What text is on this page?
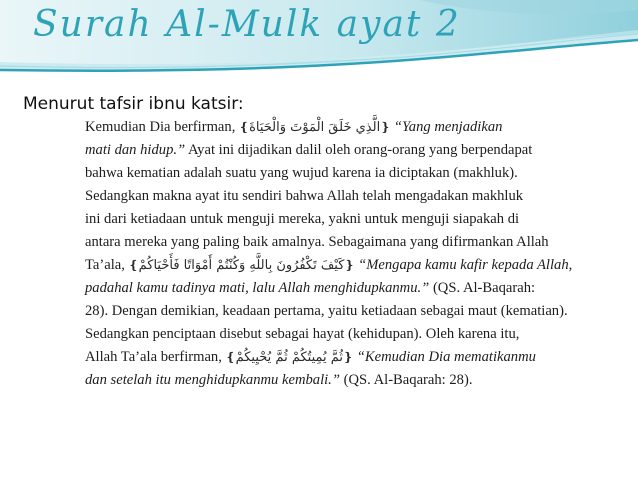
Surah Al-Mulk ayat 2
Menurut tafsir ibnu katsir:
Kemudian Dia berfirman, ❴الَّذِي خَلَقَ الْمَوْتَ وَالْحَيَاةَ❵ “Yang menjadikan
mati dan hidup.” Ayat ini dijadikan dalil oleh orang-orang yang berpendapat
bahwa kematian adalah suatu yang wujud karena ia diciptakan (makhluk).
Sedangkan makna ayat itu sendiri bahwa Allah telah mengadakan makhluk
ini dari ketiadaan untuk menguji mereka, yakni untuk menguji siapakah di
antara mereka yang paling baik amalnya. Sebagaimana yang difirmankan Allah
Ta’ala, ❴كَيْفَ تَكْفُرُونَ بِاللَّهِ وَكُنْتُمْ أَمْوَاتًا فَأَحْيَاكُمْ❵ “Mengapa kamu kafir kepada Allah,
padahal kamu tadinya mati, lalu Allah menghidupkanmu.” (QS. Al-Baqarah:
28). Dengan demikian, keadaan pertama, yaitu ketiadaan sebagai maut (kematian).
Sedangkan penciptaan disebut sebagai hayat (kehidupan). Oleh karena itu,
Allah Ta’ala berfirman, ❴ثُمَّ يُمِيتُكُمْ ثُمَّ يُحْيِيكُمْ❵ “Kemudian Dia mematikanmu
dan setelah itu menghidupkanmu kembali.” (QS. Al-Baqarah: 28).
